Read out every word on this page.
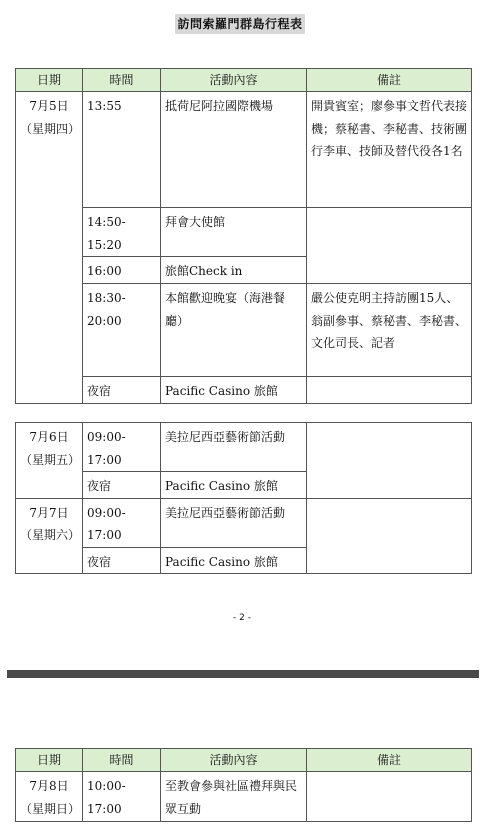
訪問索羅門群島行程表
日期	時間	活動內容	備註

7月5日
（星期四）	13:55	抵荷尼阿拉國際機場	開貴賓室；廖參事文哲代表接機；蔡秘書、李秘書、技術團行李車、技師及替代役各1名
	14:50-15:20	拜會大使館	
	16:00	旅館Check in	
	18:30-20:00	本館歡迎晚宴（海港餐廳）	嚴公使克明主持訪團15人、翁副參事、蔡秘書、李秘書、文化司長、記者
	夜宿	Pacific Casino 旅館	
7月6日
（星期五）	09:00-17:00	美拉尼西亞藝術節活動	
	夜宿	Pacific Casino 旅館	

7月7日
（星期六）	09:00-17:00	美拉尼西亞藝術節活動	
	夜宿	Pacific Casino 旅館	
- 2 -
日期	時間	活動內容	備註

7月8日
（星期日）	10:00-17:00	至教會參與社區禮拜與民眾互動	
